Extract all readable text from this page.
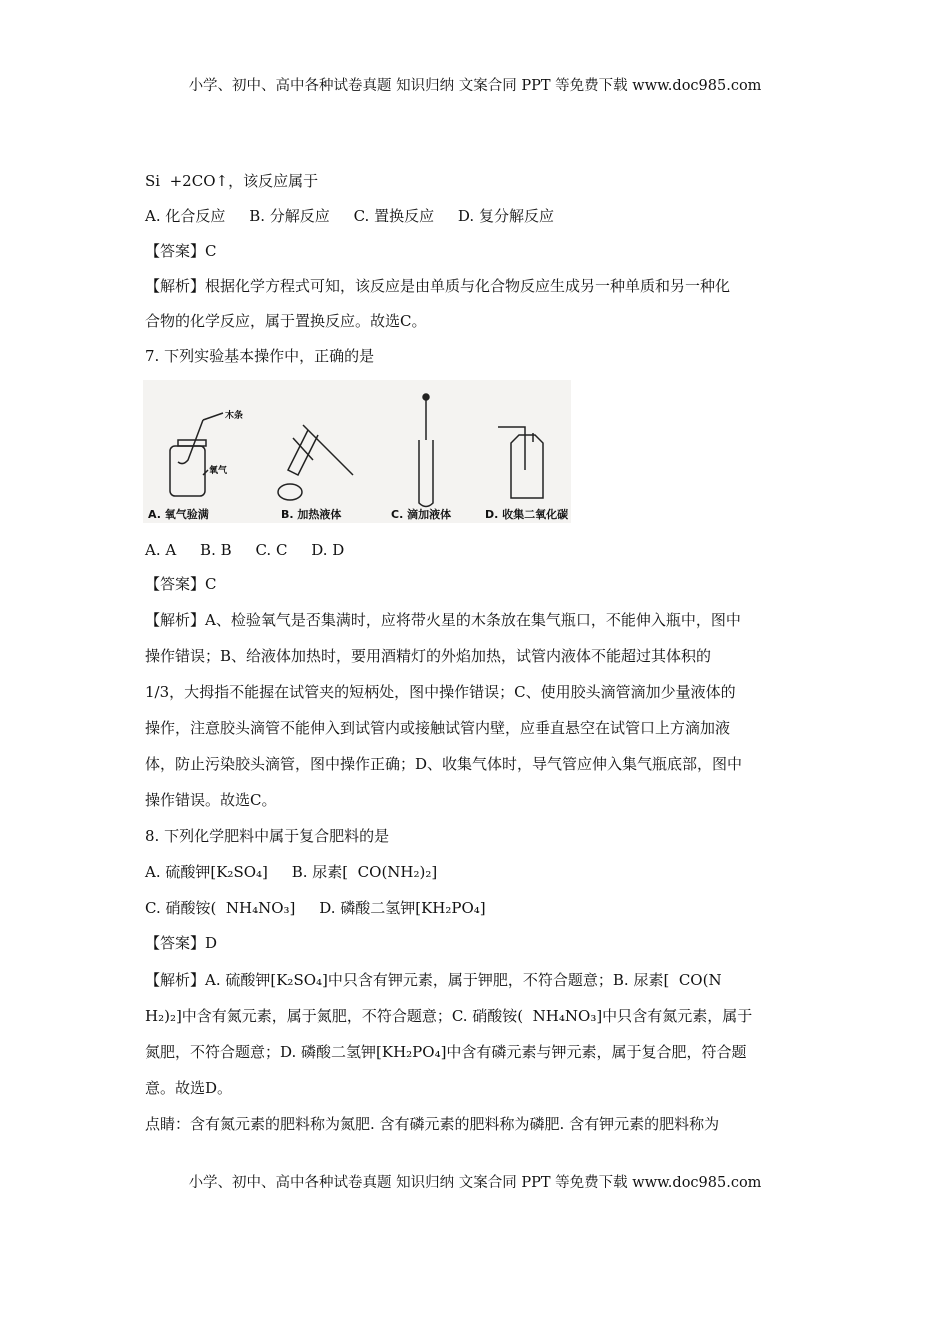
小学、初中、高中各种试卷真题 知识归纳 文案合同 PPT 等免费下载 www.doc985.com
Si  +2CO↑，该反应属于
A. 化合反应     B. 分解反应     C. 置换反应     D. 复分解反应
【答案】C
【解析】根据化学方程式可知，该反应是由单质与化合物反应生成另一种单质和另一种化
合物的化学反应，属于置换反应。故选C。
7. 下列实验基本操作中，正确的是
木条
氧气
A. 氧气验满	B. 加热液体	C. 滴加液体	D. 收集二氧化碳
A. A     B. B     C. C     D. D
【答案】C
【解析】A、检验氧气是否集满时，应将带火星的木条放在集气瓶口，不能伸入瓶中，图中
操作错误；B、给液体加热时，要用酒精灯的外焰加热，试管内液体不能超过其体积的
1/3，大拇指不能握在试管夹的短柄处，图中操作错误；C、使用胶头滴管滴加少量液体的
操作，注意胶头滴管不能伸入到试管内或接触试管内壁，应垂直悬空在试管口上方滴加液
体，防止污染胶头滴管，图中操作正确；D、收集气体时，导气管应伸入集气瓶底部，图中
操作错误。故选C。
8. 下列化学肥料中属于复合肥料的是
A. 硫酸钾[K₂SO₄]     B. 尿素[  CO(NH₂)₂]
C. 硝酸铵(  NH₄NO₃]     D. 磷酸二氢钾[KH₂PO₄]
【答案】D
【解析】A. 硫酸钾[K₂SO₄]中只含有钾元素，属于钾肥，不符合题意；B. 尿素[  CO(N
H₂)₂]中含有氮元素，属于氮肥，不符合题意；C. 硝酸铵(  NH₄NO₃]中只含有氮元素，属于
氮肥，不符合题意；D. 磷酸二氢钾[KH₂PO₄]中含有磷元素与钾元素，属于复合肥，符合题
意。故选D。
点睛：含有氮元素的肥料称为氮肥. 含有磷元素的肥料称为磷肥. 含有钾元素的肥料称为
小学、初中、高中各种试卷真题 知识归纳 文案合同 PPT 等免费下载 www.doc985.com
